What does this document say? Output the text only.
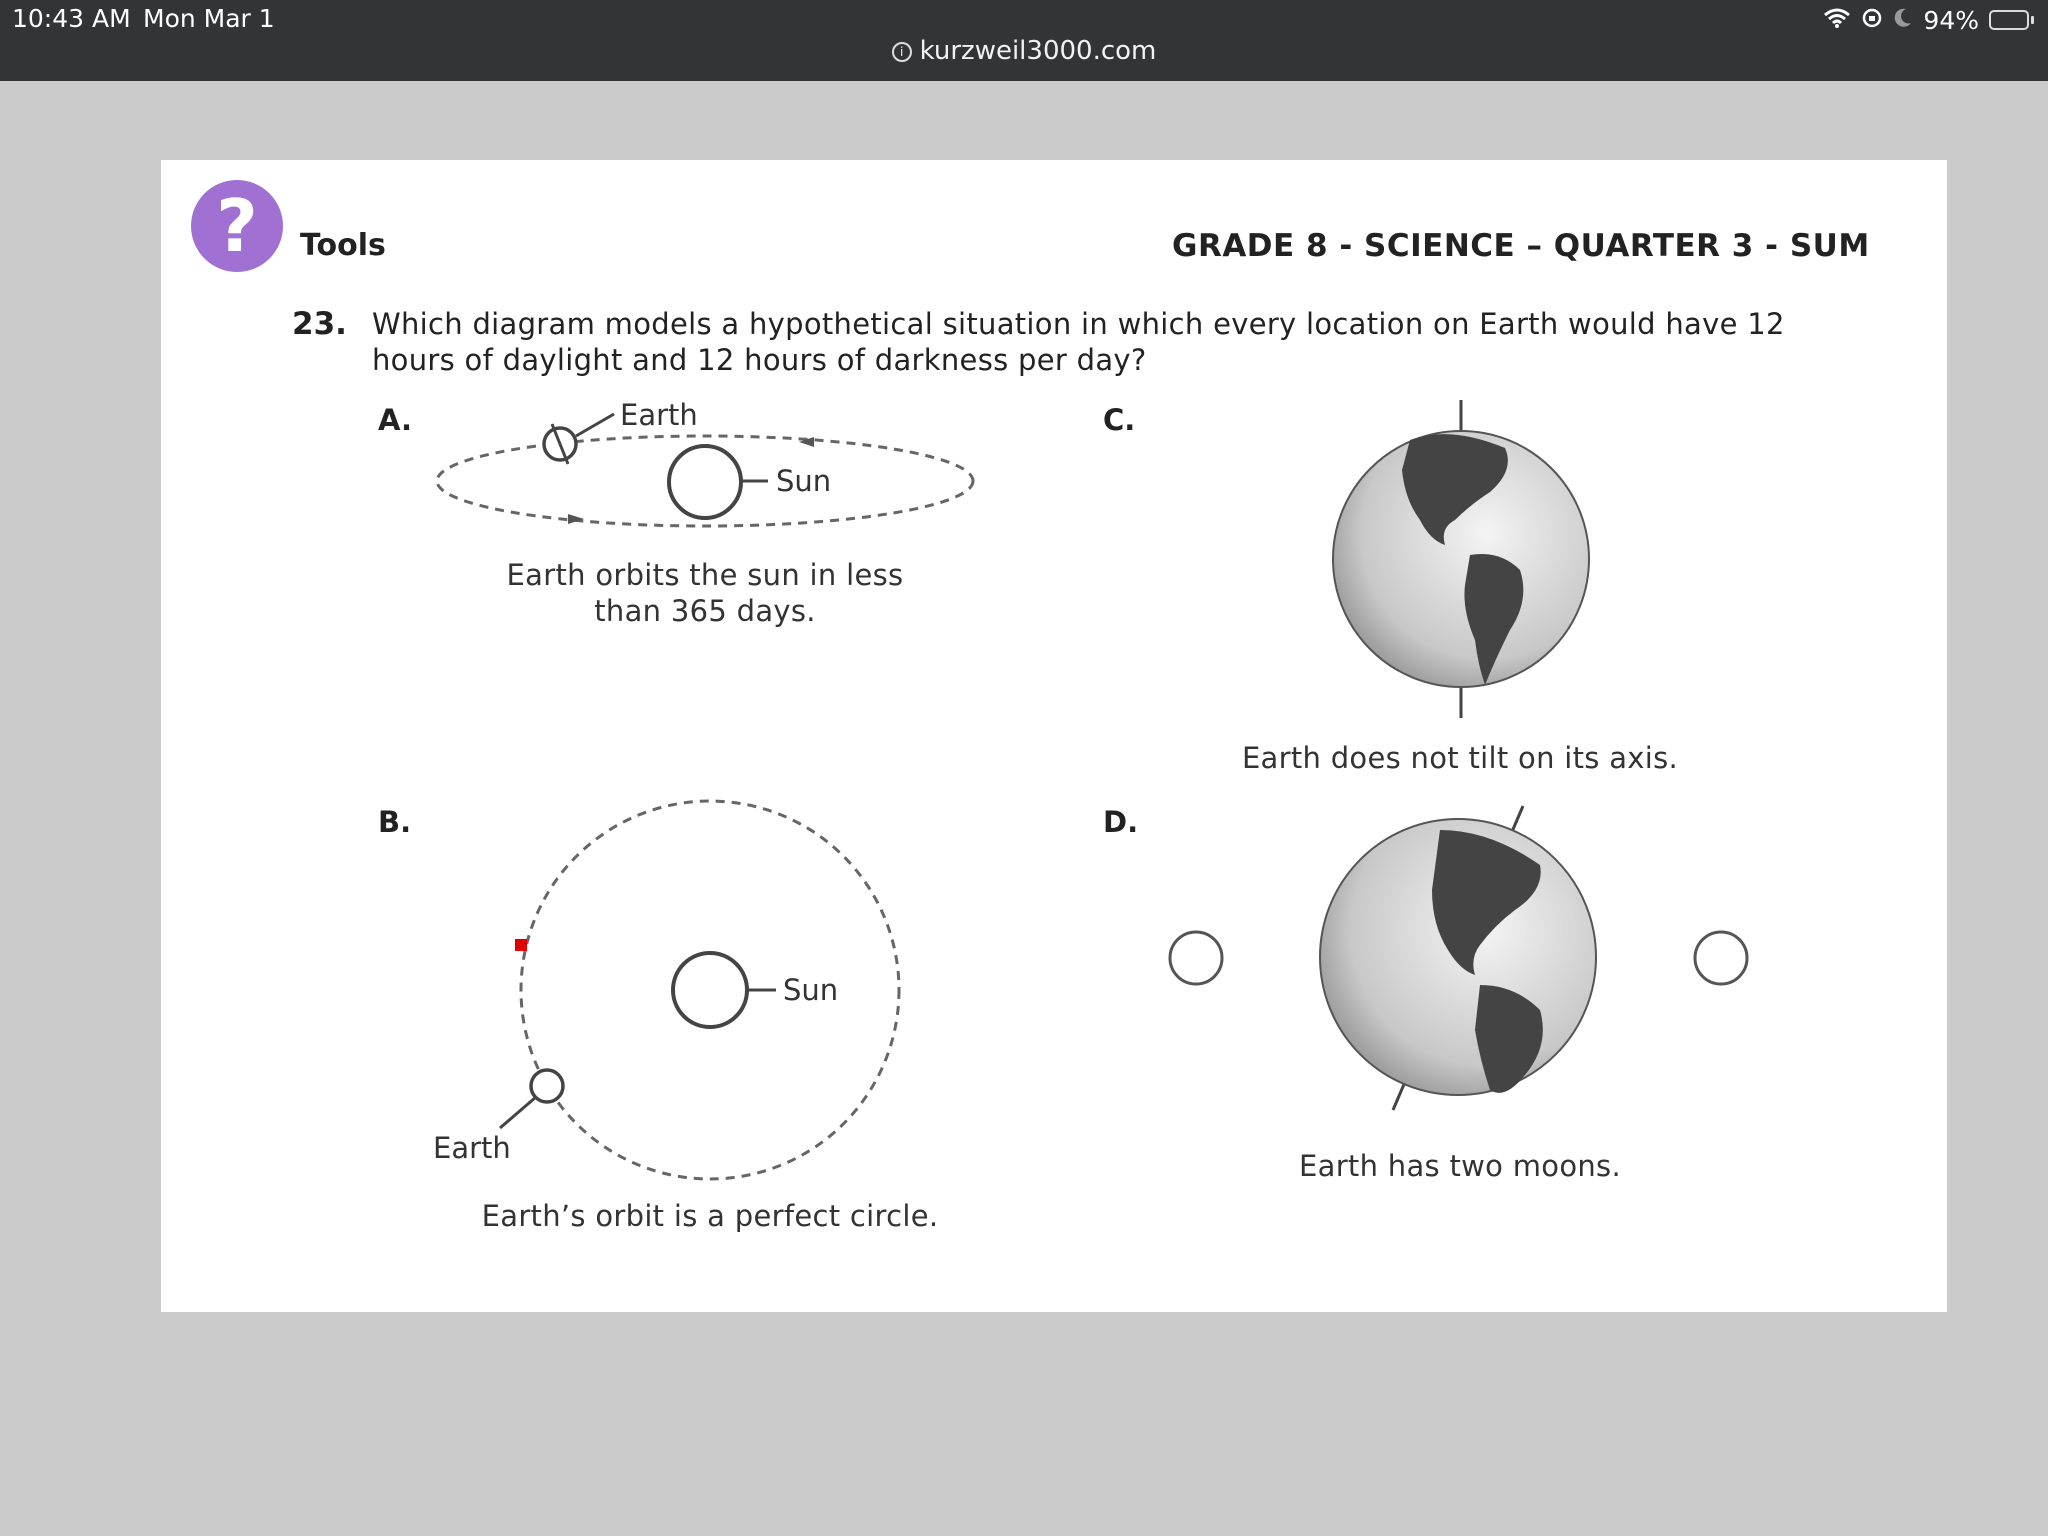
10:43 AM Mon Mar 1	94%
i kurzweil3000.com
?	Tools	GRADE 8 - SCIENCE – QUARTER 3 - SUM
23. Which diagram models a hypothetical situation in which every location on Earth would have 12 hours of daylight and 12 hours of darkness per day?
A.	C.
B.	D.
Earth
Sun
Sun
Earth
Earth orbits the sun in less
than 365 days.
Earth does not tilt on its axis.
Earth’s orbit is a perfect circle.
Earth has two moons.
